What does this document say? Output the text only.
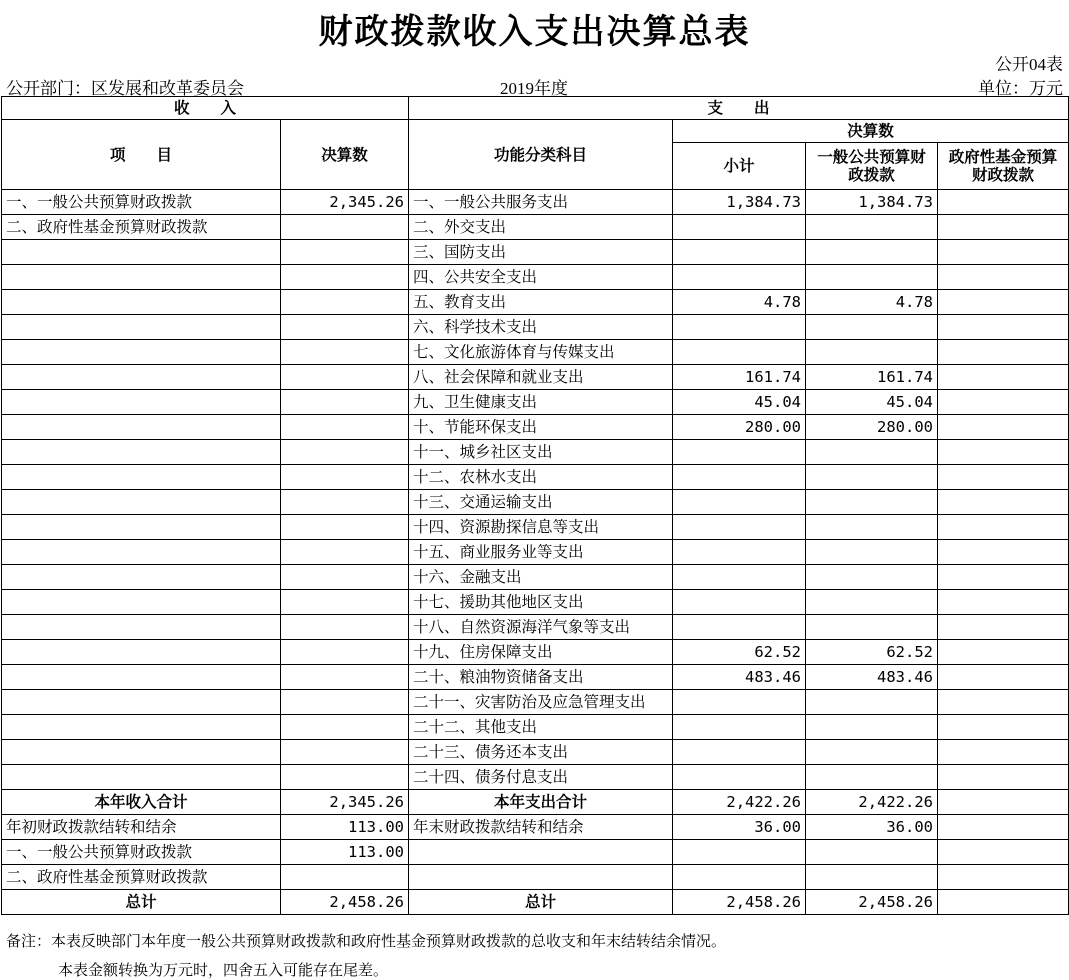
财政拨款收入支出决算总表
公开04表
公开部门：区发展和改革委员会	2019年度	单位：万元
收　　入		支　　出			
项　　目	决算数	功能分类科目	决算数		
			小计	一般公共预算财政拨款	政府性基金预算财政拨款
一、一般公共预算财政拨款	2,345.26	一、一般公共服务支出	1,384.73	1,384.73	
二、政府性基金预算财政拨款		二、外交支出			
		三、国防支出			
		四、公共安全支出			
		五、教育支出	4.78	4.78	
		六、科学技术支出			
		七、文化旅游体育与传媒支出			
		八、社会保障和就业支出	161.74	161.74	
		九、卫生健康支出	45.04	45.04	
		十、节能环保支出	280.00	280.00	
		十一、城乡社区支出			
		十二、农林水支出			
		十三、交通运输支出			
		十四、资源勘探信息等支出			
		十五、商业服务业等支出			
		十六、金融支出			
		十七、援助其他地区支出			
		十八、自然资源海洋气象等支出			
		十九、住房保障支出	62.52	62.52	
		二十、粮油物资储备支出	483.46	483.46	
		二十一、灾害防治及应急管理支出			
		二十二、其他支出			
		二十三、债务还本支出			
		二十四、债务付息支出			
本年收入合计	2,345.26	本年支出合计	2,422.26	2,422.26	
年初财政拨款结转和结余	113.00	年末财政拨款结转和结余	36.00	36.00	
一、一般公共预算财政拨款	113.00				
二、政府性基金预算财政拨款					
总计	2,458.26	总计	2,458.26	2,458.26	
备注：本表反映部门本年度一般公共预算财政拨款和政府性基金预算财政拨款的总收支和年末结转结余情况。
本表金额转换为万元时，四舍五入可能存在尾差。
